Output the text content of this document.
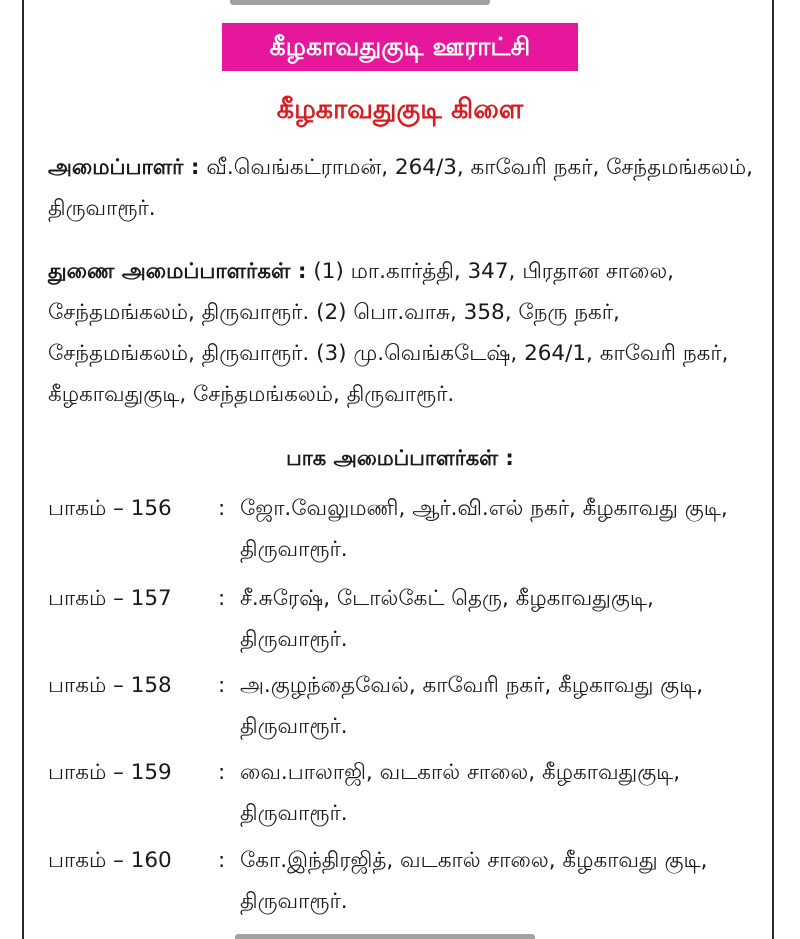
கீழகாவதுகுடி ஊராட்சி
கீழகாவதுகுடி கிளை
அமைப்பாளர் : வீ.வெங்கட்ராமன், 264/3, காவேரி நகர், சேந்தமங்கலம், திருவாரூர்.
துணை அமைப்பாளர்கள் : (1) மா.கார்த்தி, 347, பிரதான சாலை, சேந்தமங்கலம், திருவாரூர். (2) பொ.வாசு, 358, நேரு நகர், சேந்தமங்கலம், திருவாரூர். (3) மு.வெங்கடேஷ், 264/1, காவேரி நகர், கீழகாவதுகுடி, சேந்தமங்கலம், திருவாரூர்.
பாக அமைப்பாளர்கள் :
பாகம் – 156	: ஜோ.வேலுமணி, ஆர்.வி.எல் நகர், கீழகாவது குடி, திருவாரூர்.
பாகம் – 157	: சீ.சுரேஷ், டோல்கேட் தெரு, கீழகாவதுகுடி, திருவாரூர்.
பாகம் – 158	: அ.குழந்தைவேல், காவேரி நகர், கீழகாவது குடி, திருவாரூர்.
பாகம் – 159	: வை.பாலாஜி, வடகால் சாலை, கீழகாவதுகுடி, திருவாரூர்.
பாகம் – 160	: கோ.இந்திரஜித், வடகால் சாலை, கீழகாவது குடி, திருவாரூர்.
